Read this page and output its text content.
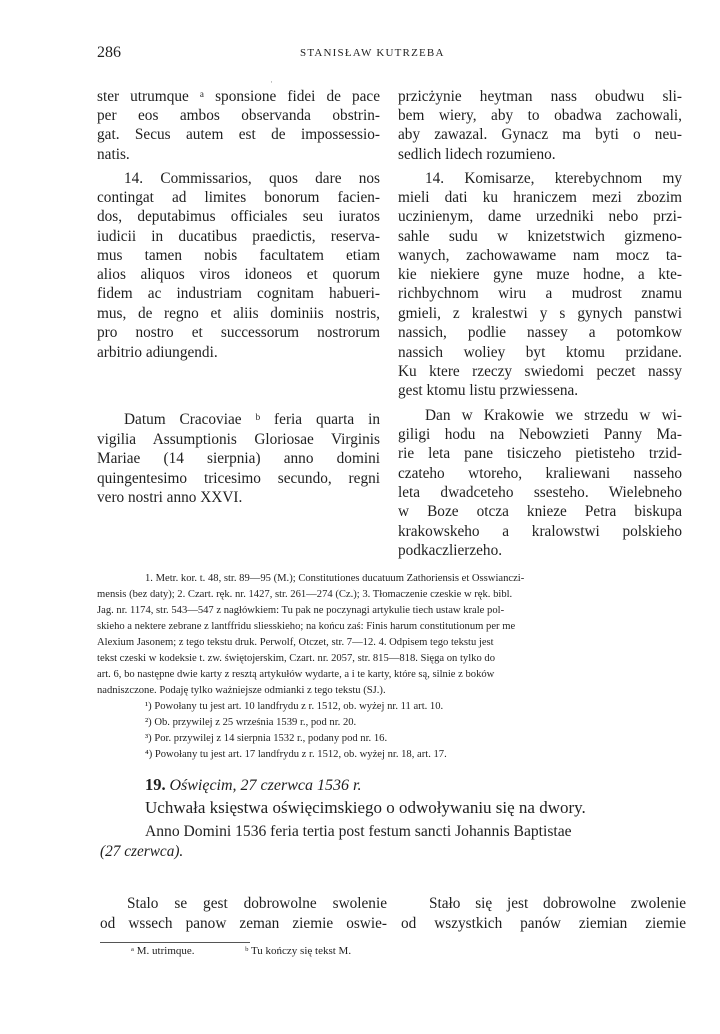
286	STANISŁAW KUTRZEBA
·
ster utrumque ᵃ sponsione fidei de pace
per eos ambos observanda obstrin-
gat. Secus autem est de impossessio-
natis.
14. Commissarios, quos dare nos
contingat ad limites bonorum facien-
dos, deputabimus officiales seu iuratos
iudicii in ducatibus praedictis, reserva-
mus tamen nobis facultatem etiam
alios aliquos viros idoneos et quorum
fidem ac industriam cognitam habueri-
mus, de regno et aliis dominiis nostris,
pro nostro et successorum nostrorum
arbitrio adiungendi.
Datum Cracoviae ᵇ feria quarta in
vigilia Assumptionis Gloriosae Virginis
Mariae (14 sierpnia) anno domini
quingentesimo tricesimo secundo, regni
vero nostri anno XXVI.
przicżynie heytman nass obudwu sli-
bem wiery, aby to obadwa zachowali,
aby zawazal. Gynacz ma byti o neu-
sedlich lidech rozumieno.
14. Komisarze, kterebychnom my
mieli dati ku hraniczem mezi zbozim
uczinienym, dame urzedniki nebo przi-
sahle sudu w knizetstwich gizmeno-
wanych, zachowawame nam mocz ta-
kie niekiere gyne muze hodne, a kte-
richbychnom wiru a mudrost znamu
gmieli, z kralestwi y s gynych panstwi
nassich, podlie nassey a potomkow
nassich woliey byt ktomu przidane.
Ku ktere rzeczy swiedomi peczet nassy
gest ktomu listu przwiessena.
Dan w Krakowie we strzedu w wi-
giligi hodu na Nebowzieti Panny Ma-
rie leta pane tisiczeho pietisteho trzid-
czateho wtoreho, kraliewani nasseho
leta dwadceteho ssesteho. Wielebneho
w Boze otcza knieze Petra biskupa
krakowskeho a kralowstwi polskieho
podkaczlierzeho.
1. Metr. kor. t. 48, str. 89—95 (M.); Constitutiones ducatuum Zathoriensis et Osswianczi-
mensis (bez daty); 2. Czart. ręk. nr. 1427, str. 261—274 (Cz.); 3. Tłomaczenie czeskie w ręk. bibl.
Jag. nr. 1174, str. 543—547 z nagłówkiem: Tu pak ne poczynagi artykulie tiech ustaw krale pol-
skieho a nektere zebrane z lantffridu sliesskieho; na końcu zaś: Finis harum constitutionum per me
Alexium Jasonem; z tego tekstu druk. Perwolf, Otczet, str. 7—12. 4. Odpisem tego tekstu jest
tekst czeski w kodeksie t. zw. świętojerskim, Czart. nr. 2057, str. 815—818. Sięga on tylko do
art. 6, bo następne dwie karty z resztą artykułów wydarte, a i te karty, które są, silnie z boków
nadniszczone. Podaję tylko ważniejsze odmianki z tego tekstu (SJ.).
¹) Powołany tu jest art. 10 landfrydu z r. 1512, ob. wyżej nr. 11 art. 10.
²) Ob. przywilej z 25 września 1539 r., pod nr. 20.
³) Por. przywilej z 14 sierpnia 1532 r., podany pod nr. 16.
⁴) Powołany tu jest art. 17 landfrydu z r. 1512, ob. wyżej nr. 18, art. 17.
19. Oświęcim, 27 czerwca 1536 r.
Uchwała księstwa oświęcimskiego o odwoływaniu się na dwory.
Anno Domini 1536 feria tertia post festum sancti Johannis Baptistae
(27 czerwca).
Stalo se gest dobrowolne swolenie
od wssech panow zeman ziemie oswie-
Stało się jest dobrowolne zwolenie
od wszystkich panów ziemian ziemie
ᵃ M. utrimque.	ᵇ Tu kończy się tekst M.
